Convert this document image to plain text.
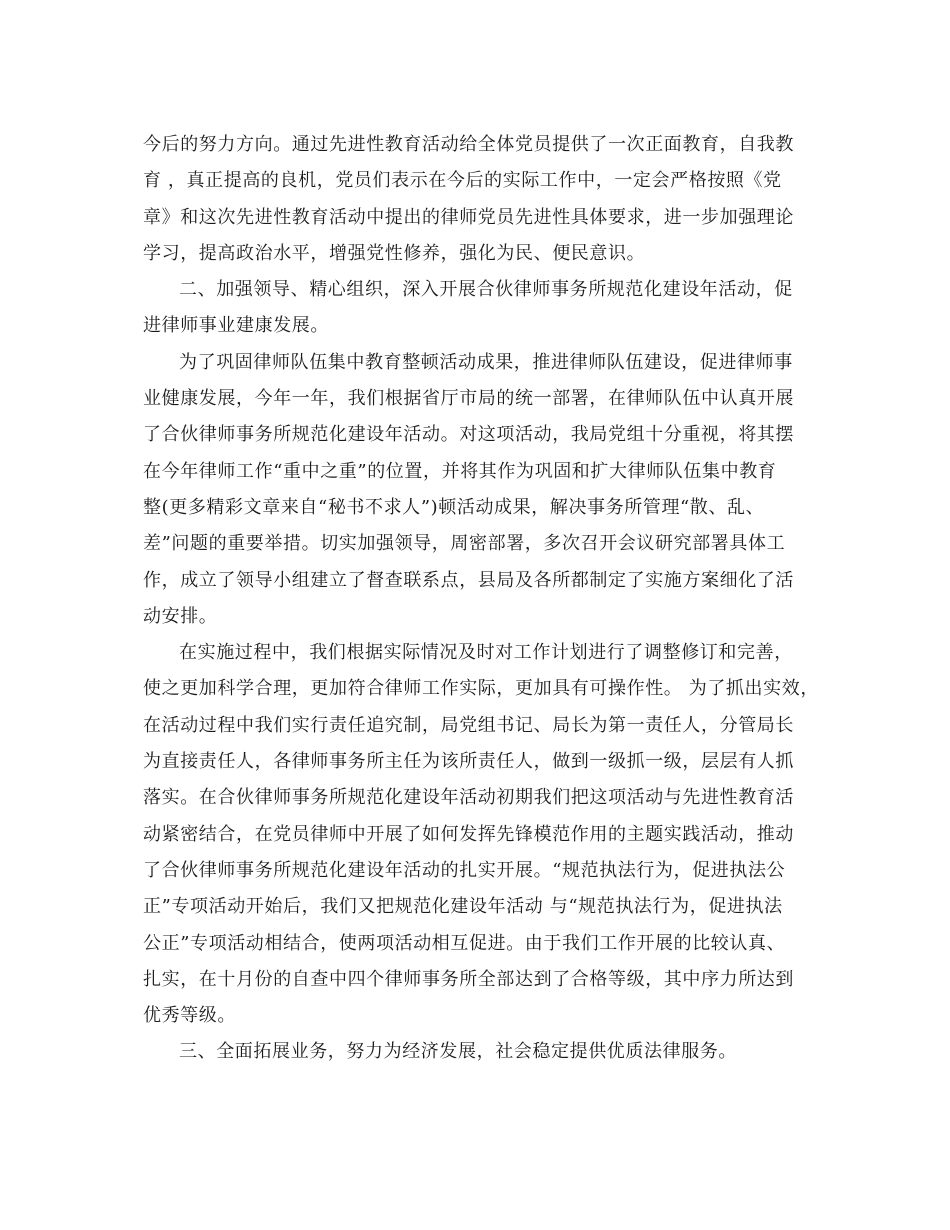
今后的努力方向。通过先进性教育活动给全体党员提供了一次正面教育，自我教
育 ，真正提高的良机，党员们表示在今后的实际工作中，一定会严格按照《党
章》和这次先进性教育活动中提出的律师党员先进性具体要求，进一步加强理论
学习，提高政治水平，增强党性修养，强化为民、便民意识。
二、加强领导、精心组织，深入开展合伙律师事务所规范化建设年活动，促
进律师事业建康发展。
为了巩固律师队伍集中教育整顿活动成果，推进律师队伍建设，促进律师事
业健康发展，今年一年，我们根据省厅市局的统一部署，在律师队伍中认真开展
了合伙律师事务所规范化建设年活动。对这项活动，我局党组十分重视，将其摆
在今年律师工作“重中之重”的位置，并将其作为巩固和扩大律师队伍集中教育
整(更多精彩文章来自“秘书不求人”)顿活动成果，解决事务所管理“散、乱、
差”问题的重要举措。切实加强领导，周密部署，多次召开会议研究部署具体工
作，成立了领导小组建立了督查联系点，县局及各所都制定了实施方案细化了活
动安排。
在实施过程中，我们根据实际情况及时对工作计划进行了调整修订和完善，
使之更加科学合理，更加符合律师工作实际，更加具有可操作性。 为了抓出实效，
在活动过程中我们实行责任追究制，局党组书记、局长为第一责任人，分管局长
为直接责任人，各律师事务所主任为该所责任人，做到一级抓一级，层层有人抓
落实。在合伙律师事务所规范化建设年活动初期我们把这项活动与先进性教育活
动紧密结合，在党员律师中开展了如何发挥先锋模范作用的主题实践活动，推动
了合伙律师事务所规范化建设年活动的扎实开展。“规范执法行为，促进执法公
正”专项活动开始后，我们又把规范化建设年活动 与“规范执法行为，促进执法
公正”专项活动相结合，使两项活动相互促进。由于我们工作开展的比较认真、
扎实，在十月份的自查中四个律师事务所全部达到了合格等级，其中序力所达到
优秀等级。
三、全面拓展业务，努力为经济发展，社会稳定提供优质法律服务。
